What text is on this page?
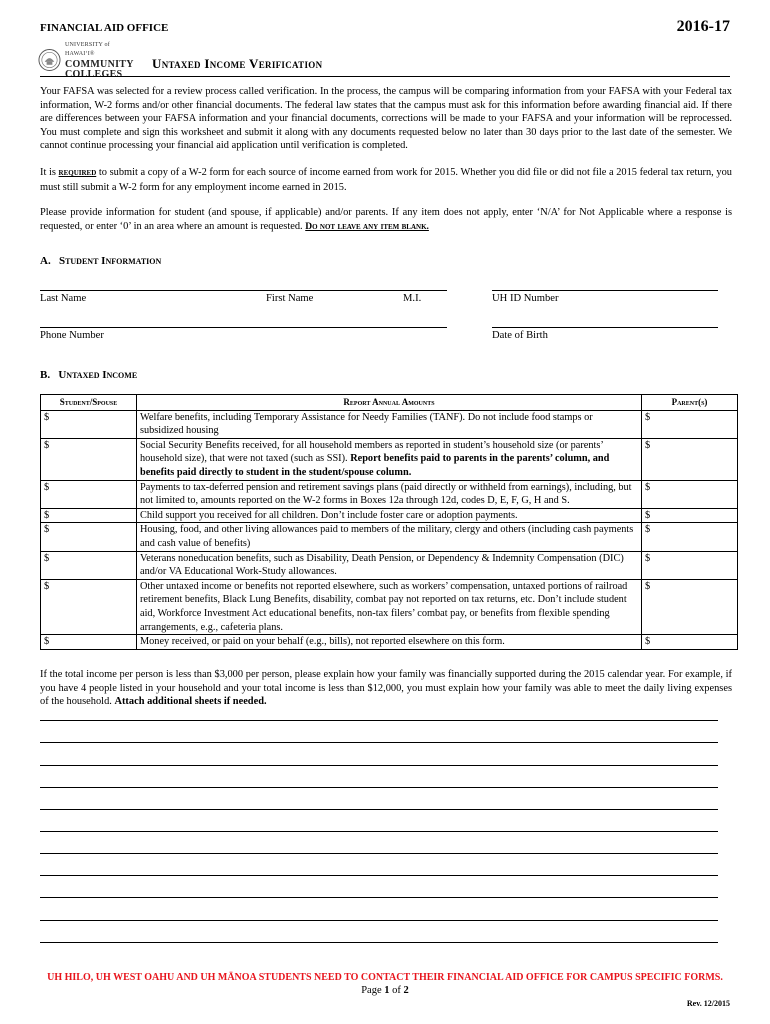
FINANCIAL AID OFFICE	2016-17
UNIVERSITY of HAWAIʻI®
COMMUNITY
COLLEGES
Untaxed Income Verification
Your FAFSA was selected for a review process called verification. In the process, the campus will be comparing information from your FAFSA with your Federal tax information, W-2 forms and/or other financial documents. The federal law states that the campus must ask for this information before awarding financial aid. If there are differences between your FAFSA information and your financial documents, corrections will be made to your FAFSA and your information will be reprocessed. You must complete and sign this worksheet and submit it along with any documents requested below no later than 30 days prior to the last date of the semester. We cannot continue processing your financial aid application until verification is completed.
It is required to submit a copy of a W-2 form for each source of income earned from work for 2015. Whether you did file or did not file a 2015 federal tax return, you must still submit a W-2 form for any employment income earned in 2015.
Please provide information for student (and spouse, if applicable) and/or parents. If any item does not apply, enter ‘N/A’ for Not Applicable where a response is requested, or enter ‘0’ in an area where an amount is requested. Do not leave any item blank.
A. Student Information
Last Name	First Name	M.I.	UH ID Number
Phone Number	Date of Birth
B. Untaxed Income
Student/Spouse	Report Annual Amounts	Parent(s)
$	Welfare benefits, including Temporary Assistance for Needy Families (TANF). Do not include food stamps or subsidized housing	$
$	Social Security Benefits received, for all household members as reported in student’s household size (or parents’ household size), that were not taxed (such as SSI). Report benefits paid to parents in the parents’ column, and benefits paid directly to student in the student/spouse column.	$
$	Payments to tax-deferred pension and retirement savings plans (paid directly or withheld from earnings), including, but not limited to, amounts reported on the W-2 forms in Boxes 12a through 12d, codes D, E, F, G, H and S.	$
$	Child support you received for all children. Don’t include foster care or adoption payments.	$
$	Housing, food, and other living allowances paid to members of the military, clergy and others (including cash payments and cash value of benefits)	$
$	Veterans noneducation benefits, such as Disability, Death Pension, or Dependency & Indemnity Compensation (DIC) and/or VA Educational Work-Study allowances.	$
$	Other untaxed income or benefits not reported elsewhere, such as workers’ compensation, untaxed portions of railroad retirement benefits, Black Lung Benefits, disability, combat pay not reported on tax returns, etc. Don’t include student aid, Workforce Investment Act educational benefits, non-tax filers’ combat pay, or benefits from flexible spending arrangements, e.g., cafeteria plans.	$
$	Money received, or paid on your behalf (e.g., bills), not reported elsewhere on this form.	$
If the total income per person is less than $3,000 per person, please explain how your family was financially supported during the 2015 calendar year. For example, if you have 4 people listed in your household and your total income is less than $12,000, you must explain how your family was able to meet the daily living expenses of the household. Attach additional sheets if needed.
UH HILO, UH WEST OAHU AND UH MĀNOA STUDENTS NEED TO CONTACT THEIR FINANCIAL AID OFFICE FOR CAMPUS SPECIFIC FORMS.
Page 1 of 2
Rev. 12/2015
